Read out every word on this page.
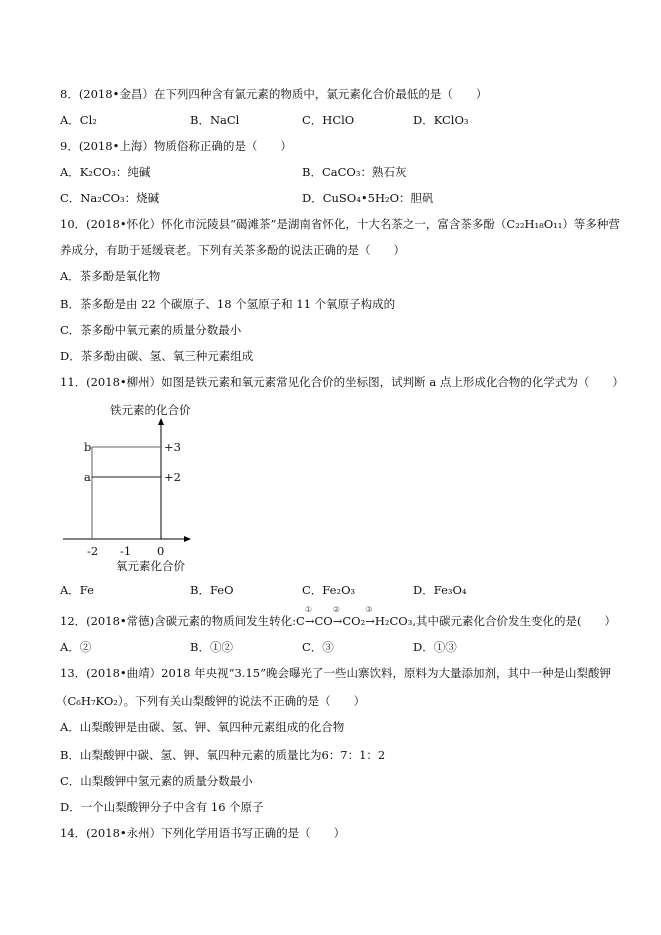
8．(2018•金昌）在下列四种含有氯元素的物质中，氯元素化合价最低的是（　　）
A．Cl₂	B．NaCl	C．HClO	D．KClO₃
9．(2018•上海）物质俗称正确的是（　　）
A．K₂CO₃：纯碱	B．CaCO₃：熟石灰
C．Na₂CO₃：烧碱	D．CuSO₄•5H₂O：胆矾
10．(2018•怀化）怀化市沅陵县“碣滩茶”是湖南省怀化，十大名茶之一，富含茶多酚（C₂₂H₁₈O₁₁）等多种营
养成分，有助于延缓衰老。下列有关茶多酚的说法正确的是（　　）
A．茶多酚是氧化物
B．茶多酚是由 22 个碳原子、18 个氢原子和 11 个氧原子构成的
C．茶多酚中氧元素的质量分数最小
D．茶多酚由碳、氢、氧三种元素组成
11．(2018•柳州）如图是铁元素和氧元素常见化合价的坐标图，试判断 a 点上形成化合物的化学式为（　　）
铁元素的化合价
b
a
+3
+2
-2 -1 0
氧元素化合价
A．Fe	B．FeO	C．Fe₂O₃	D．Fe₃O₄
12．(2018•常德)含碳元素的物质间发生转化:C
①
→CO
②
→CO₂
③
→H₂CO₃,其中碳元素化合价发生变化的是(　　）
A．②	B．①②	C．③	D．①③
13．(2018•曲靖）2018 年央视“3.15”晚会曝光了一些山寨饮料，原料为大量添加剂，其中一种是山梨酸钾
（C₆H₇KO₂）。下列有关山梨酸钾的说法不正确的是（　　）
A．山梨酸钾是由碳、氢、钾、氧四种元素组成的化合物
B．山梨酸钾中碳、氢、钾、氧四种元素的质量比为6：7：1：2
C．山梨酸钾中氢元素的质量分数最小
D．一个山梨酸钾分子中含有 16 个原子
14．(2018•永州）下列化学用语书写正确的是（　　）
